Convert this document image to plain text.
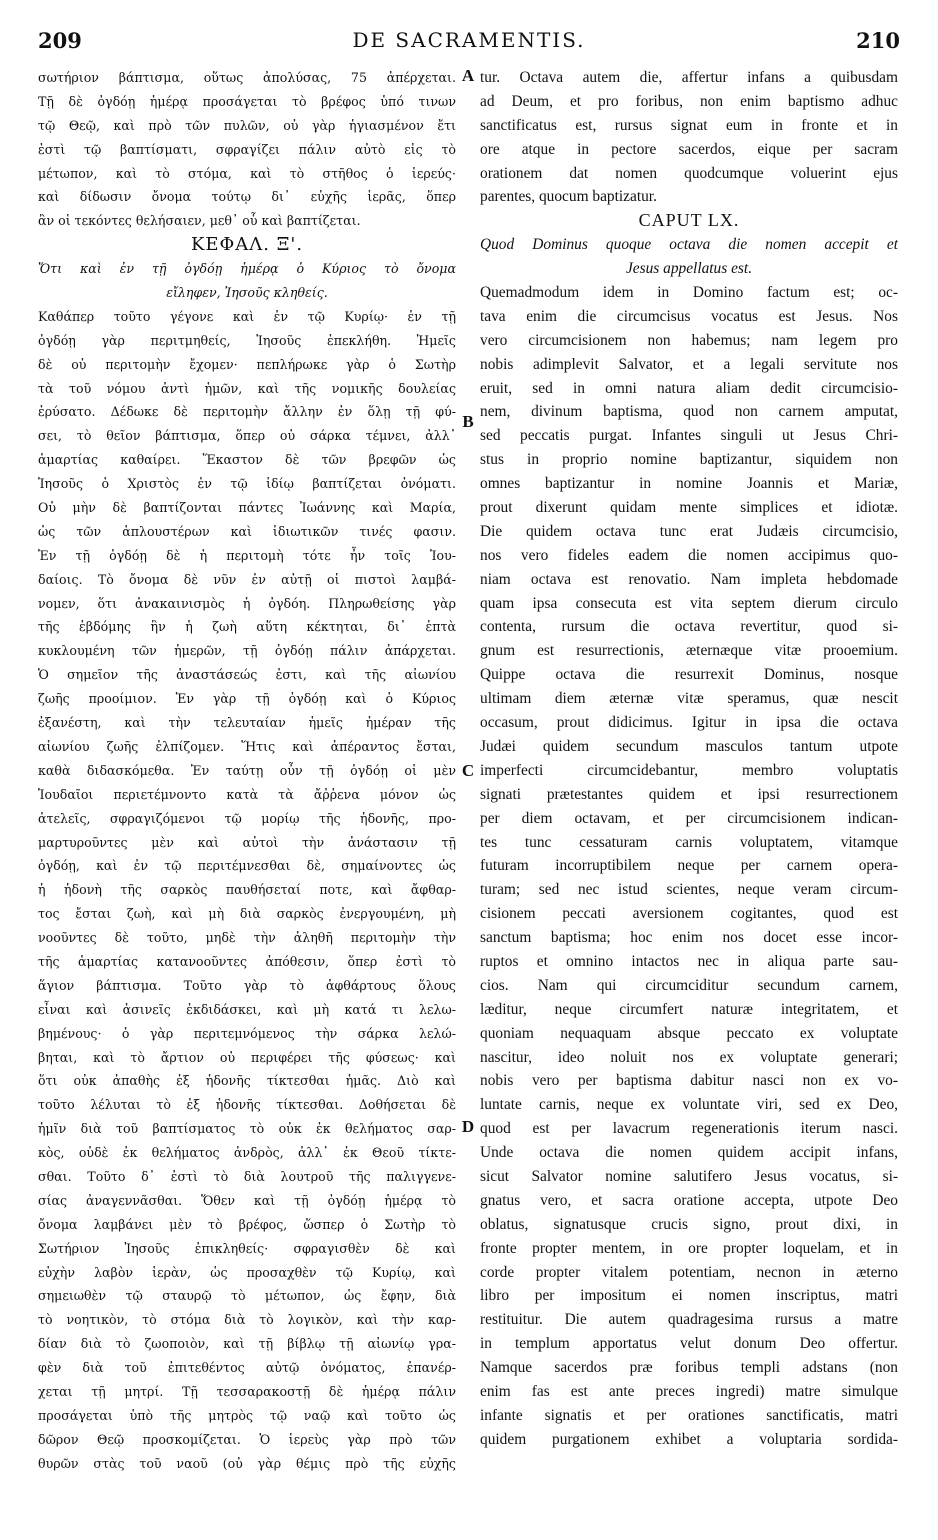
209	DE SACRAMENTIS.	210
A
B
C
D
σωτήριον βάπτισμα, οὕτως ἀπολύσας, 75 ἀπέρχεται.
Τῇ δὲ ὀγδόῃ ἡμέρᾳ προσάγεται τὸ βρέφος ὑπό τινων
τῷ Θεῷ, καὶ πρὸ τῶν πυλῶν, οὐ γὰρ ἡγιασμένον ἔτι
ἐστὶ τῷ βαπτίσματι, σφραγίζει πάλιν αὐτὸ εἰς τὸ
μέτωπον, καὶ τὸ στόμα, καὶ τὸ στῆθος ὁ ἱερεύς·
καὶ δίδωσιν ὄνομα τούτῳ δι᾽ εὐχῆς ἱερᾶς, ὅπερ
ἂν οἱ τεκόντες θελήσαιεν, μεθ᾽ οὗ καὶ βαπτίζεται.
ΚΕΦΑΛ. Ξ'.
Ὅτι καὶ ἐν τῇ ὀγδόῃ ἡμέρᾳ ὁ Κύριος τὸ ὄνομα
εἴληφεν, Ἰησοῦς κληθείς.
Καθάπερ τοῦτο γέγονε καὶ ἐν τῷ Κυρίῳ· ἐν τῇ
ὀγδόῃ γὰρ περιτμηθείς, Ἰησοῦς ἐπεκλήθη. Ἡμεῖς
δὲ οὐ περιτομὴν ἔχομεν· πεπλήρωκε γὰρ ὁ Σωτὴρ
τὰ τοῦ νόμου ἀντὶ ἡμῶν, καὶ τῆς νομικῆς δουλείας
ἐρύσατο. Δέδωκε δὲ περιτομὴν ἄλλην ἐν ὅλῃ τῇ φύ-
σει, τὸ θεῖον βάπτισμα, ὅπερ οὐ σάρκα τέμνει, ἀλλ᾽
ἁμαρτίας καθαίρει. Ἕκαστον δὲ τῶν βρεφῶν ὡς
Ἰησοῦς ὁ Χριστὸς ἐν τῷ ἰδίῳ βαπτίζεται ὀνόματι.
Οὐ μὴν δὲ βαπτίζονται πάντες Ἰωάννης καὶ Μαρία,
ὡς τῶν ἁπλουστέρων καὶ ἰδιωτικῶν τινές φασιν.
Ἐν τῇ ὀγδόῃ δὲ ἡ περιτομὴ τότε ἦν τοῖς Ἰου-
δαίοις. Τὸ ὄνομα δὲ νῦν ἐν αὐτῇ οἱ πιστοὶ λαμβά-
νομεν, ὅτι ἀνακαινισμὸς ἡ ὀγδόη. Πληρωθείσης γὰρ
τῆς ἑβδόμης ἣν ἡ ζωὴ αὕτη κέκτηται, δι᾽ ἑπτὰ
κυκλουμένη τῶν ἡμερῶν, τῇ ὀγδόῃ πάλιν ἀπάρχεται.
Ὁ σημεῖον τῆς ἀναστάσεώς ἐστι, καὶ τῆς αἰωνίου
ζωῆς προοίμιον. Ἐν γὰρ τῇ ὀγδόῃ καὶ ὁ Κύριος
ἐξανέστη, καὶ τὴν τελευταίαν ἡμεῖς ἡμέραν τῆς
αἰωνίου ζωῆς ἐλπίζομεν. Ἥτις καὶ ἀπέραντος ἔσται,
καθὰ διδασκόμεθα. Ἐν ταύτῃ οὖν τῇ ὀγδόῃ οἱ μὲν
Ἰουδαῖοι περιετέμνοντο κατὰ τὰ ἄῤῥενα μόνον ὡς
ἀτελεῖς, σφραγιζόμενοι τῷ μορίῳ τῆς ἡδονῆς, προ-
μαρτυροῦντες μὲν καὶ αὐτοὶ τὴν ἀνάστασιν τῇ
ὀγδόῃ, καὶ ἐν τῷ περιτέμνεσθαι δὲ, σημαίνοντες ὡς
ἡ ἡδονὴ τῆς σαρκὸς παυθήσεταί ποτε, καὶ ἄφθαρ-
τος ἔσται ζωὴ, καὶ μὴ διὰ σαρκὸς ἐνεργουμένη, μὴ
νοοῦντες δὲ τοῦτο, μηδὲ τὴν ἀληθῆ περιτομὴν τὴν
τῆς ἁμαρτίας κατανοοῦντες ἀπόθεσιν, ὅπερ ἐστὶ τὸ
ἅγιον βάπτισμα. Τοῦτο γὰρ τὸ ἀφθάρτους ὅλους
εἶναι καὶ ἀσινεῖς ἐκδιδάσκει, καὶ μὴ κατά τι λελω-
βημένους· ὁ γὰρ περιτεμνόμενος τὴν σάρκα λελώ-
βηται, καὶ τὸ ἄρτιον οὐ περιφέρει τῆς φύσεως· καὶ
ὅτι οὐκ ἀπαθὴς ἐξ ἡδονῆς τίκτεσθαι ἡμᾶς. Διὸ καὶ
τοῦτο λέλυται τὸ ἐξ ἡδονῆς τίκτεσθαι. Δοθήσεται δὲ
ἡμῖν διὰ τοῦ βαπτίσματος τὸ οὐκ ἐκ θελήματος σαρ-
κὸς, οὐδὲ ἐκ θελήματος ἀνδρὸς, ἀλλ᾽ ἐκ Θεοῦ τίκτε-
σθαι. Τοῦτο δ᾽ ἐστὶ τὸ διὰ λουτροῦ τῆς παλιγγενε-
σίας ἀναγεννᾶσθαι. Ὅθεν καὶ τῇ ὀγδόῃ ἡμέρᾳ τὸ
ὄνομα λαμβάνει μὲν τὸ βρέφος, ὥσπερ ὁ Σωτὴρ τὸ
Σωτήριον Ἰησοῦς ἐπικληθείς· σφραγισθὲν δὲ καὶ
εὐχὴν λαβὸν ἱερὰν, ὡς προσαχθὲν τῷ Κυρίῳ, καὶ
σημειωθὲν τῷ σταυρῷ τὸ μέτωπον, ὡς ἔφην, διὰ
τὸ νοητικὸν, τὸ στόμα διὰ τὸ λογικὸν, καὶ τὴν καρ-
δίαν διὰ τὸ ζωοποιὸν, καὶ τῇ βίβλῳ τῇ αἰωνίῳ γρα-
φὲν διὰ τοῦ ἐπιτεθέντος αὐτῷ ὀνόματος, ἐπανέρ-
χεται τῇ μητρί. Τῇ τεσσαρακοστῇ δὲ ἡμέρᾳ πάλιν
προσάγεται ὑπὸ τῆς μητρὸς τῷ ναῷ καὶ τοῦτο ὡς
δῶρον Θεῷ προσκομίζεται. Ὁ ἱερεὺς γὰρ πρὸ τῶν
θυρῶν στὰς τοῦ ναοῦ (οὐ γὰρ θέμις πρὸ τῆς εὐχῆς
tur. Octava autem die, affertur infans a quibusdam
ad Deum, et pro foribus, non enim baptismo adhuc
sanctificatus est, rursus signat eum in fronte et in
ore atque in pectore sacerdos, eique per sacram
orationem dat nomen quodcumque voluerint ejus
parentes, quocum baptizatur.
CAPUT LX.
Quod Dominus quoque octava die nomen accepit et
Jesus appellatus est.
Quemadmodum idem in Domino factum est; oc-
tava enim die circumcisus vocatus est Jesus. Nos
vero circumcisionem non habemus; nam legem pro
nobis adimplevit Salvator, et a legali servitute nos
eruit, sed in omni natura aliam dedit circumcisio-
nem, divinum baptisma, quod non carnem amputat,
sed peccatis purgat. Infantes singuli ut Jesus Chri-
stus in proprio nomine baptizantur, siquidem non
omnes baptizantur in nomine Joannis et Mariæ,
prout dixerunt quidam mente simplices et idiotæ.
Die quidem octava tunc erat Judæis circumcisio,
nos vero fideles eadem die nomen accipimus quo-
niam octava est renovatio. Nam impleta hebdomade
quam ipsa consecuta est vita septem dierum circulo
contenta, rursum die octava revertitur, quod si-
gnum est resurrectionis, æternæque vitæ prooemium.
Quippe octava die resurrexit Dominus, nosque
ultimam diem æternæ vitæ speramus, quæ nescit
occasum, prout didicimus. Igitur in ipsa die octava
Judæi quidem secundum masculos tantum utpote
imperfecti circumcidebantur, membro voluptatis
signati prætestantes quidem et ipsi resurrectionem
per diem octavam, et per circumcisionem indican-
tes tunc cessaturam carnis voluptatem, vitamque
futuram incorruptibilem neque per carnem opera-
turam; sed nec istud scientes, neque veram circum-
cisionem peccati aversionem cogitantes, quod est
sanctum baptisma; hoc enim nos docet esse incor-
ruptos et omnino intactos nec in aliqua parte sau-
cios. Nam qui circumciditur secundum carnem,
læditur, neque circumfert naturæ integritatem, et
quoniam nequaquam absque peccato ex voluptate
nascitur, ideo noluit nos ex voluptate generari;
nobis vero per baptisma dabitur nasci non ex vo-
luntate carnis, neque ex voluntate viri, sed ex Deo,
quod est per lavacrum regenerationis iterum nasci.
Unde octava die nomen quidem accipit infans,
sicut Salvator nomine salutifero Jesus vocatus, si-
gnatus vero, et sacra oratione accepta, utpote Deo
oblatus, signatusque crucis signo, prout dixi, in
fronte propter mentem, in ore propter loquelam, et in
corde propter vitalem potentiam, necnon in æterno
libro per impositum ei nomen inscriptus, matri
restituitur. Die autem quadragesima rursus a matre
in templum apportatus velut donum Deo offertur.
Namque sacerdos præ foribus templi adstans (non
enim fas est ante preces ingredi) matre simulque
infante signatis et per orationes sanctificatis, matri
quidem purgationem exhibet a voluptaria sordida-
